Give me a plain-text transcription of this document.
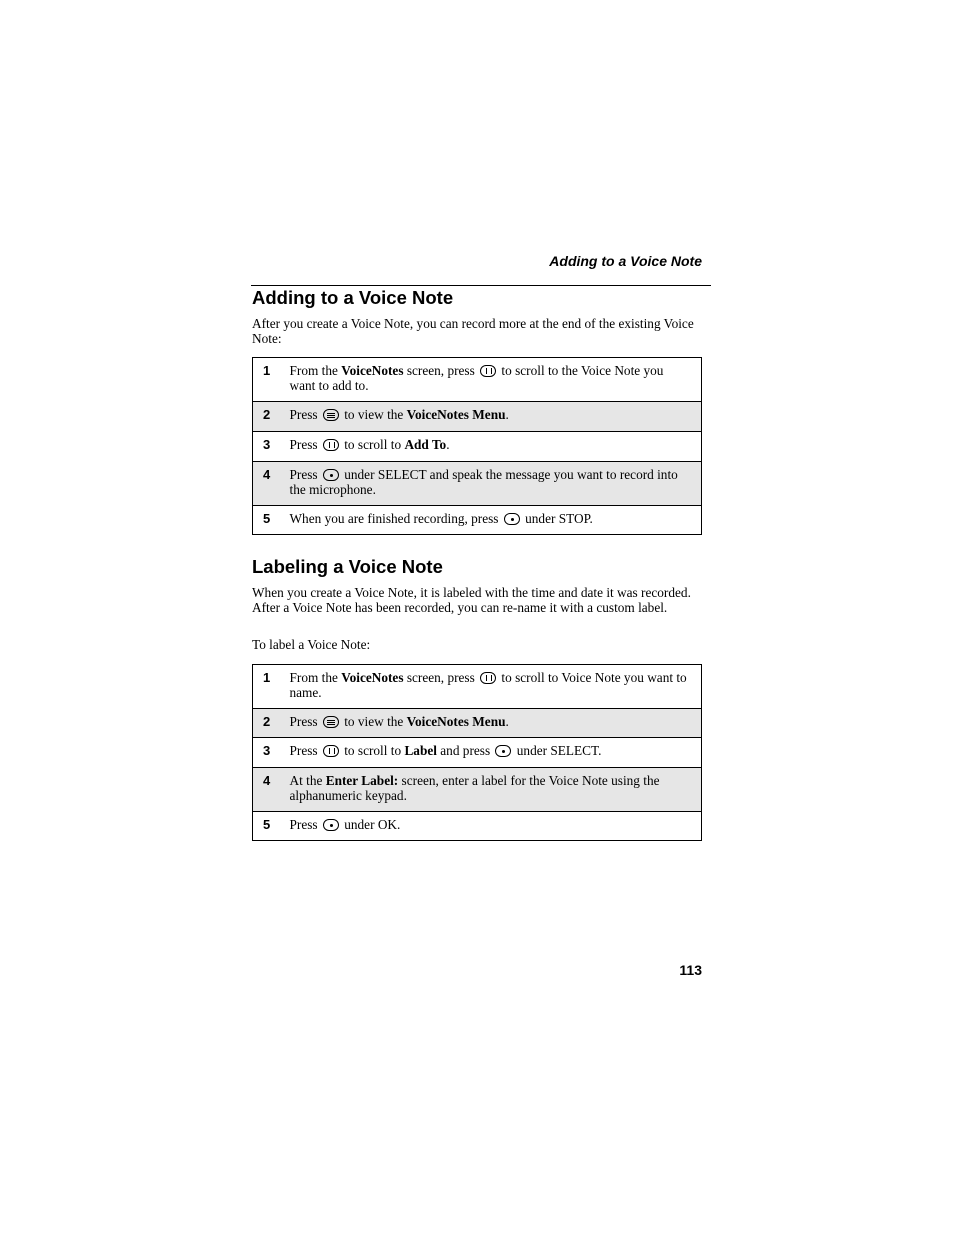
Adding to a Voice Note
Adding to a Voice Note

After you create a Voice Note, you can record more at the end of the existing Voice Note:

1	From the VoiceNotes screen, press  to scroll to the Voice Note you want to add to.
2	Press  to view the VoiceNotes Menu.
3	Press  to scroll to Add To.
4	Press  under SELECT and speak the message you want to record into the microphone.
5	When you are finished recording, press  under STOP.
Labeling a Voice Note

When you create a Voice Note, it is labeled with the time and date it was recorded. After a Voice Note has been recorded, you can re-name it with a custom label.

To label a Voice Note:

1	From the VoiceNotes screen, press  to scroll to Voice Note you want to name.
2	Press  to view the VoiceNotes Menu.
3	Press  to scroll to Label and press  under SELECT.
4	At the Enter Label: screen, enter a label for the Voice Note using the alphanumeric keypad.
5	Press  under OK.
113
